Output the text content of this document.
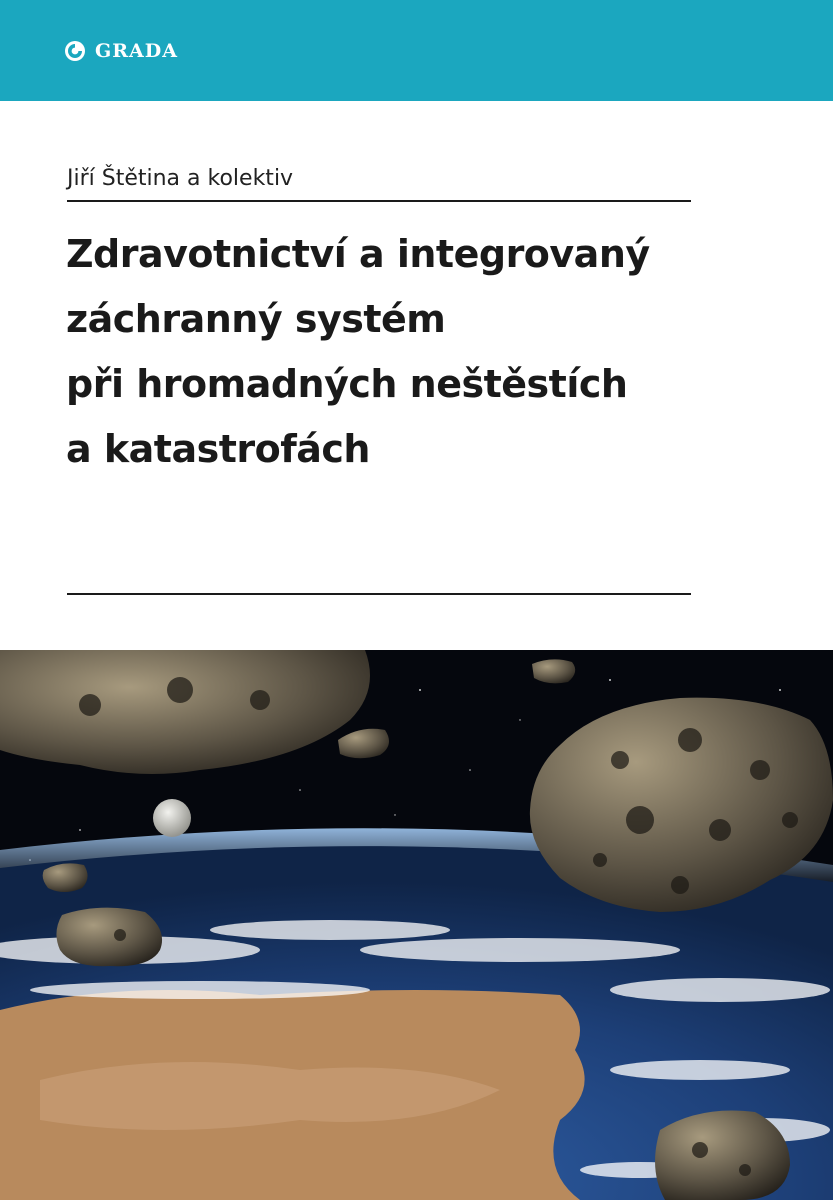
GRADA
Jiří Štětina a kolektiv
Zdravotnictví a integrovaný
záchranný systém
při hromadných neštěstích
a katastrofách
